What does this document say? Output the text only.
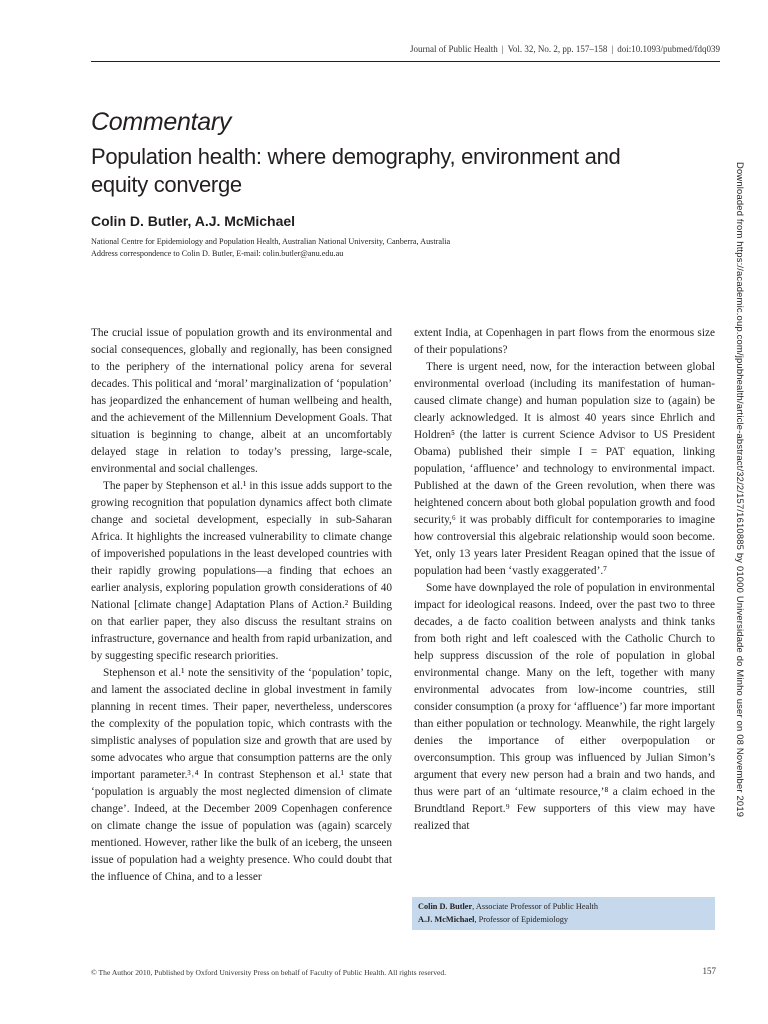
Journal of Public Health | Vol. 32, No. 2, pp. 157–158 | doi:10.1093/pubmed/fdq039
Commentary
Population health: where demography, environment and equity converge
Colin D. Butler, A.J. McMichael
National Centre for Epidemiology and Population Health, Australian National University, Canberra, Australia
Address correspondence to Colin D. Butler, E-mail: colin.butler@anu.edu.au

The crucial issue of population growth and its environmental and social consequences, globally and regionally, has been consigned to the periphery of the international policy arena for several decades. This political and ‘moral’ marginalization of ‘population’ has jeopardized the enhancement of human wellbeing and health, and the achievement of the Millennium Development Goals. That situation is beginning to change, albeit at an uncomfortably delayed stage in relation to today’s pressing, large-scale, environmental and social challenges.

The paper by Stephenson et al.¹ in this issue adds support to the growing recognition that population dynamics affect both climate change and societal development, especially in sub-Saharan Africa. It highlights the increased vulnerability to climate change of impoverished populations in the least developed countries with their rapidly growing populations—a finding that echoes an earlier analysis, exploring population growth considerations of 40 National [climate change] Adaptation Plans of Action.² Building on that earlier paper, they also discuss the resultant strains on infrastructure, governance and health from rapid urbanization, and by suggesting specific research priorities.

Stephenson et al.¹ note the sensitivity of the ‘population’ topic, and lament the associated decline in global investment in family planning in recent times. Their paper, nevertheless, underscores the complexity of the population topic, which contrasts with the simplistic analyses of population size and growth that are used by some advocates who argue that consumption patterns are the only important parameter.³˒⁴ In contrast Stephenson et al.¹ state that ‘population is arguably the most neglected dimension of climate change’. Indeed, at the December 2009 Copenhagen conference on climate change the issue of population was (again) scarcely mentioned. However, rather like the bulk of an iceberg, the unseen issue of population had a weighty presence. Who could doubt that the influence of China, and to a lesser

extent India, at Copenhagen in part flows from the enormous size of their populations?

There is urgent need, now, for the interaction between global environmental overload (including its manifestation of human-caused climate change) and human population size to (again) be clearly acknowledged. It is almost 40 years since Ehrlich and Holdren⁵ (the latter is current Science Advisor to US President Obama) published their simple I = PAT equation, linking population, ‘affluence’ and technology to environmental impact. Published at the dawn of the Green revolution, when there was heightened concern about both global population growth and food security,⁶ it was probably difficult for contemporaries to imagine how controversial this algebraic relationship would soon become. Yet, only 13 years later President Reagan opined that the issue of population had been ‘vastly exaggerated’.⁷

Some have downplayed the role of population in environmental impact for ideological reasons. Indeed, over the past two to three decades, a de facto coalition between analysts and think tanks from both right and left coalesced with the Catholic Church to help suppress discussion of the role of population in global environmental change. Many on the left, together with many environmental advocates from low-income countries, still consider consumption (a proxy for ‘affluence’) far more important than either population or technology. Meanwhile, the right largely denies the importance of either overpopulation or overconsumption. This group was influenced by Julian Simon’s argument that every new person had a brain and two hands, and thus were part of an ‘ultimate resource,’⁸ a claim echoed in the Brundtland Report.⁹ Few supporters of this view may have realized that

Colin D. Butler, Associate Professor of Public Health
A.J. McMichael, Professor of Epidemiology
© The Author 2010, Published by Oxford University Press on behalf of Faculty of Public Health. All rights reserved.	157
Downloaded from https://academic.oup.com/jpubhealth/article-abstract/32/2/157/1610885 by 01000 Universidade do Minho user on 08 November 2019
